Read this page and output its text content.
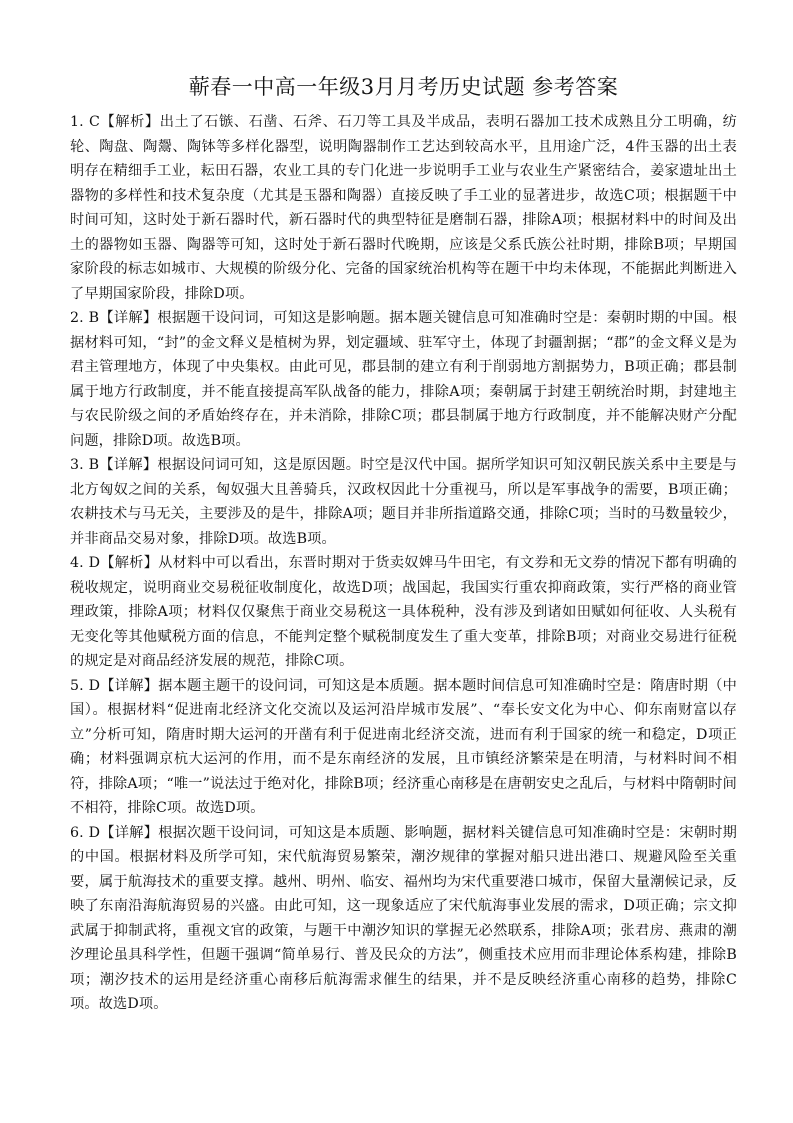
蕲春一中高一年级3月月考历史试题 参考答案

1. C【解析】出土了石镞、石凿、石斧、石刀等工具及半成品，表明石器加工技术成熟且分工明确，纺轮、陶盘、陶鬶、陶钵等多样化器型，说明陶器制作工艺达到较高水平，且用途广泛，4件玉器的出土表明存在精细手工业，耘田石器，农业工具的专门化进一步说明手工业与农业生产紧密结合，姜家遗址出土器物的多样性和技术复杂度（尤其是玉器和陶器）直接反映了手工业的显著进步，故选C项；根据题干中时间可知，这时处于新石器时代，新石器时代的典型特征是磨制石器，排除A项；根据材料中的时间及出土的器物如玉器、陶器等可知，这时处于新石器时代晚期，应该是父系氏族公社时期，排除B项；早期国家阶段的标志如城市、大规模的阶级分化、完备的国家统治机构等在题干中均未体现，不能据此判断进入了早期国家阶段，排除D项。

2. B【详解】根据题干设问词，可知这是影响题。据本题关键信息可知准确时空是：秦朝时期的中国。根据材料可知，“封”的金文释义是植树为界，划定疆域、驻军守土，体现了封疆割据；“郡”的金文释义是为君主管理地方，体现了中央集权。由此可见，郡县制的建立有利于削弱地方割据势力，B项正确；郡县制属于地方行政制度，并不能直接提高军队战备的能力，排除A项；秦朝属于封建王朝统治时期，封建地主与农民阶级之间的矛盾始终存在，并未消除，排除C项；郡县制属于地方行政制度，并不能解决财产分配问题，排除D项。故选B项。

3. B【详解】根据设问词可知，这是原因题。时空是汉代中国。据所学知识可知汉朝民族关系中主要是与北方匈奴之间的关系，匈奴强大且善骑兵，汉政权因此十分重视马，所以是军事战争的需要，B项正确；农耕技术与马无关，主要涉及的是牛，排除A项；题目并非所指道路交通，排除C项；当时的马数量较少，并非商品交易对象，排除D项。故选B项。

4. D【解析】从材料中可以看出，东晋时期对于货卖奴婢马牛田宅，有文券和无文券的情况下都有明确的税收规定，说明商业交易税征收制度化，故选D项；战国起，我国实行重农抑商政策，实行严格的商业管理政策，排除A项；材料仅仅聚焦于商业交易税这一具体税种，没有涉及到诸如田赋如何征收、人头税有无变化等其他赋税方面的信息，不能判定整个赋税制度发生了重大变革，排除B项；对商业交易进行征税的规定是对商品经济发展的规范，排除C项。

5. D【详解】据本题主题干的设问词，可知这是本质题。据本题时间信息可知准确时空是：隋唐时期（中国）。根据材料“促进南北经济文化交流以及运河沿岸城市发展”、“奉长安文化为中心、仰东南财富以存立”分析可知，隋唐时期大运河的开凿有利于促进南北经济交流，进而有利于国家的统一和稳定，D项正确；材料强调京杭大运河的作用，而不是东南经济的发展，且市镇经济繁荣是在明清，与材料时间不相符，排除A项；“唯一”说法过于绝对化，排除B项；经济重心南移是在唐朝安史之乱后，与材料中隋朝时间不相符，排除C项。故选D项。

6. D【详解】根据次题干设问词，可知这是本质题、影响题，据材料关键信息可知准确时空是：宋朝时期的中国。根据材料及所学可知，宋代航海贸易繁荣，潮汐规律的掌握对船只进出港口、规避风险至关重要，属于航海技术的重要支撑。越州、明州、临安、福州均为宋代重要港口城市，保留大量潮候记录，反映了东南沿海航海贸易的兴盛。由此可知，这一现象适应了宋代航海事业发展的需求，D项正确；宗文抑武属于抑制武将，重视文官的政策，与题干中潮汐知识的掌握无必然联系，排除A项；张君房、燕肃的潮汐理论虽具科学性，但题干强调“简单易行、普及民众的方法”，侧重技术应用而非理论体系构建，排除B项；潮汐技术的运用是经济重心南移后航海需求催生的结果，并不是反映经济重心南移的趋势，排除C项。故选D项。
